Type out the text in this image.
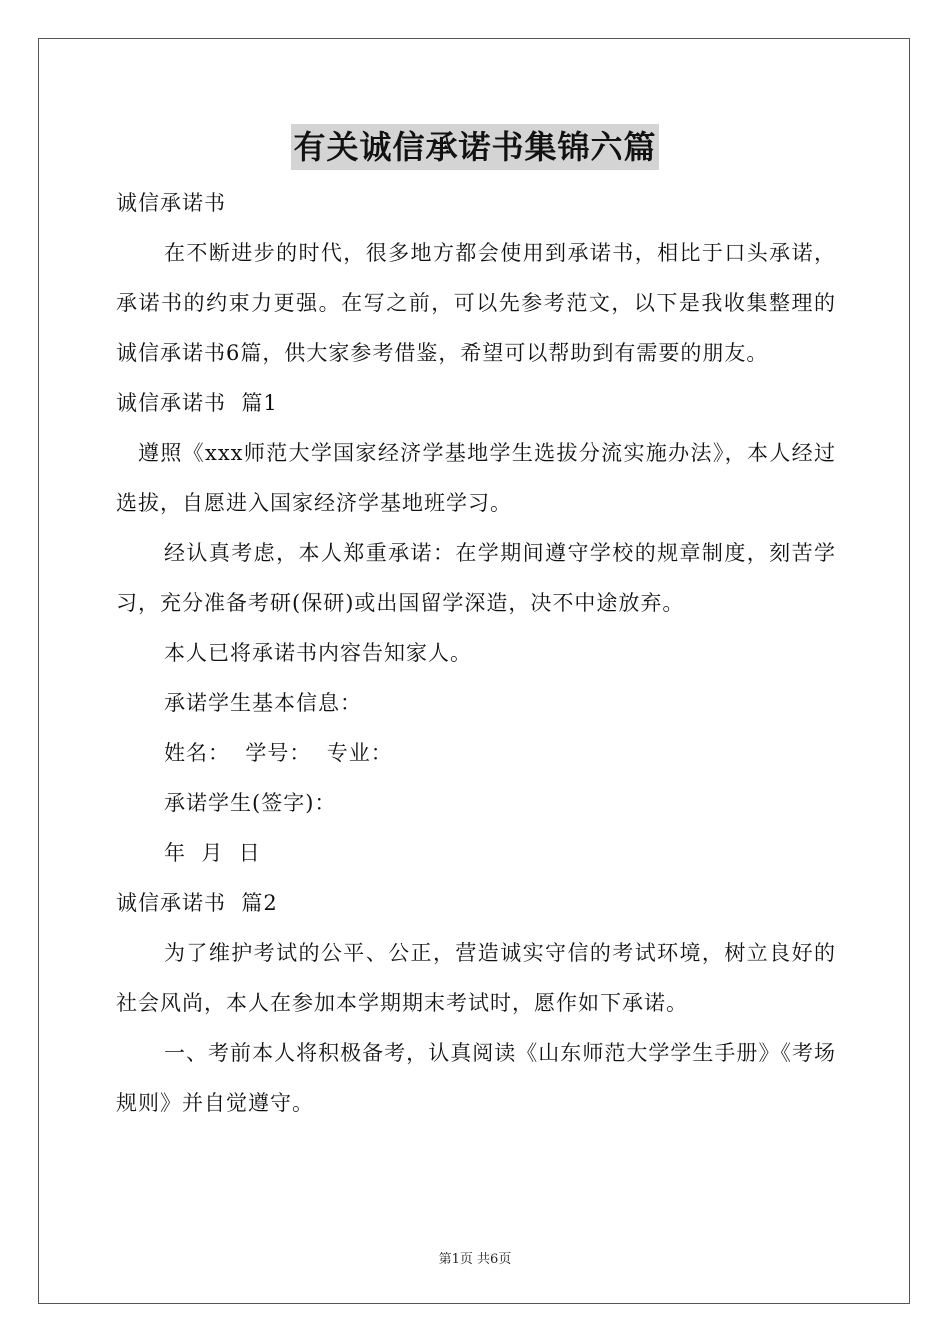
有关诚信承诺书集锦六篇

诚信承诺书

在不断进步的时代，很多地方都会使用到承诺书，相比于口头承诺，承诺书的约束力更强。在写之前，可以先参考范文，以下是我收集整理的诚信承诺书6篇，供大家参考借鉴，希望可以帮助到有需要的朋友。

诚信承诺书  篇1

遵照《xxx师范大学国家经济学基地学生选拔分流实施办法》，本人经过选拔，自愿进入国家经济学基地班学习。

经认真考虑，本人郑重承诺：在学期间遵守学校的规章制度，刻苦学习，充分准备考研(保研)或出国留学深造，决不中途放弃。

本人已将承诺书内容告知家人。

承诺学生基本信息：

姓名：  学号：  专业：

承诺学生(签字)：

年  月  日

诚信承诺书  篇2

为了维护考试的公平、公正，营造诚实守信的考试环境，树立良好的社会风尚，本人在参加本学期期末考试时，愿作如下承诺。

一、考前本人将积极备考，认真阅读《山东师范大学学生手册》《考场规则》并自觉遵守。

第1页 共6页
